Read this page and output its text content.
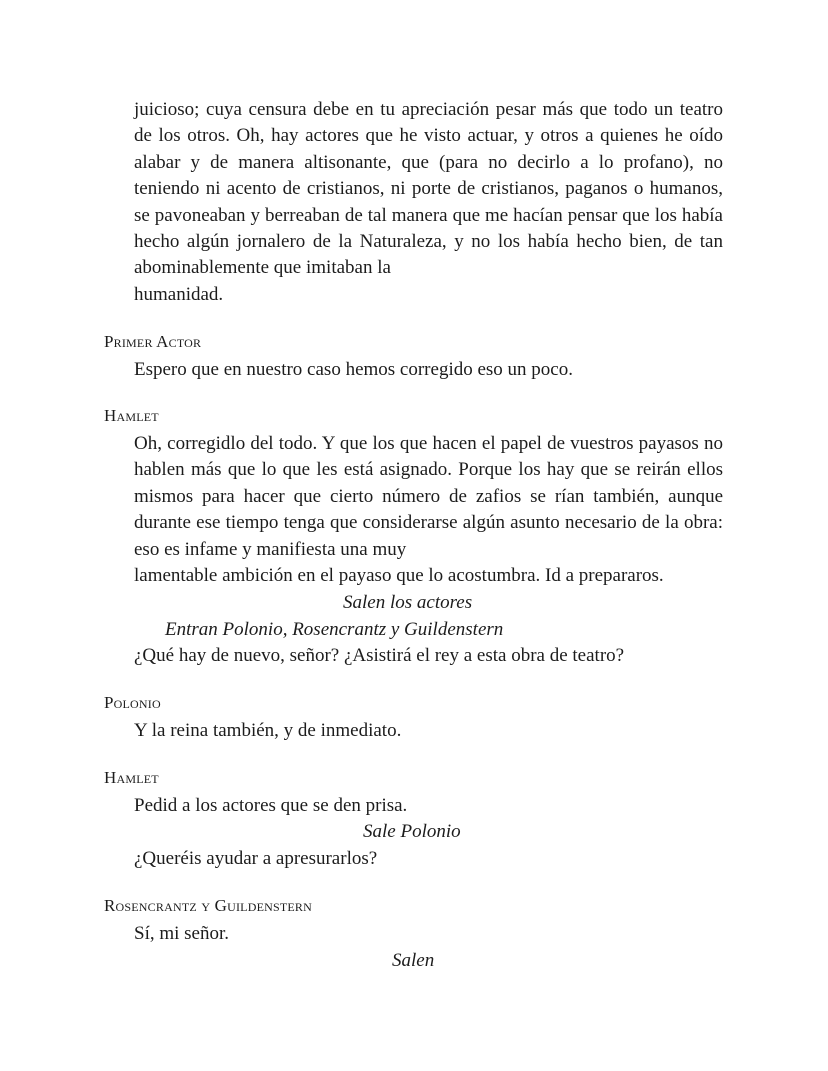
juicioso; cuya censura debe en tu apreciación pesar más que todo un teatro de los otros. Oh, hay actores que he visto actuar, y otros a quienes he oído alabar y de manera altisonante, que (para no decirlo a lo profano), no teniendo ni acento de cristianos, ni porte de cristianos, paganos o humanos, se pavoneaban y berreaban de tal manera que me hacían pensar que los había hecho algún jornalero de la Naturaleza, y no los había hecho bien, de tan abominablemente que imitaban la
humanidad.

Primer Actor

Espero que en nuestro caso hemos corregido eso un poco.

Hamlet

Oh, corregidlo del todo. Y que los que hacen el papel de vuestros payasos no hablen más que lo que les está asignado. Porque los hay que se reirán ellos mismos para hacer que cierto número de zafios se rían también, aunque durante ese tiempo tenga que considerarse algún asunto necesario de la obra: eso es infame y manifiesta una muy
lamentable ambición en el payaso que lo acostumbra. Id a prepararos.

Salen los actores

Entran Polonio, Rosencrantz y Guildenstern

¿Qué hay de nuevo, señor? ¿Asistirá el rey a esta obra de teatro?

Polonio

Y la reina también, y de inmediato.

Hamlet

Pedid a los actores que se den prisa.

Sale Polonio

¿Queréis ayudar a apresurarlos?

Rosencrantz y Guildenstern

Sí, mi señor.

Salen
